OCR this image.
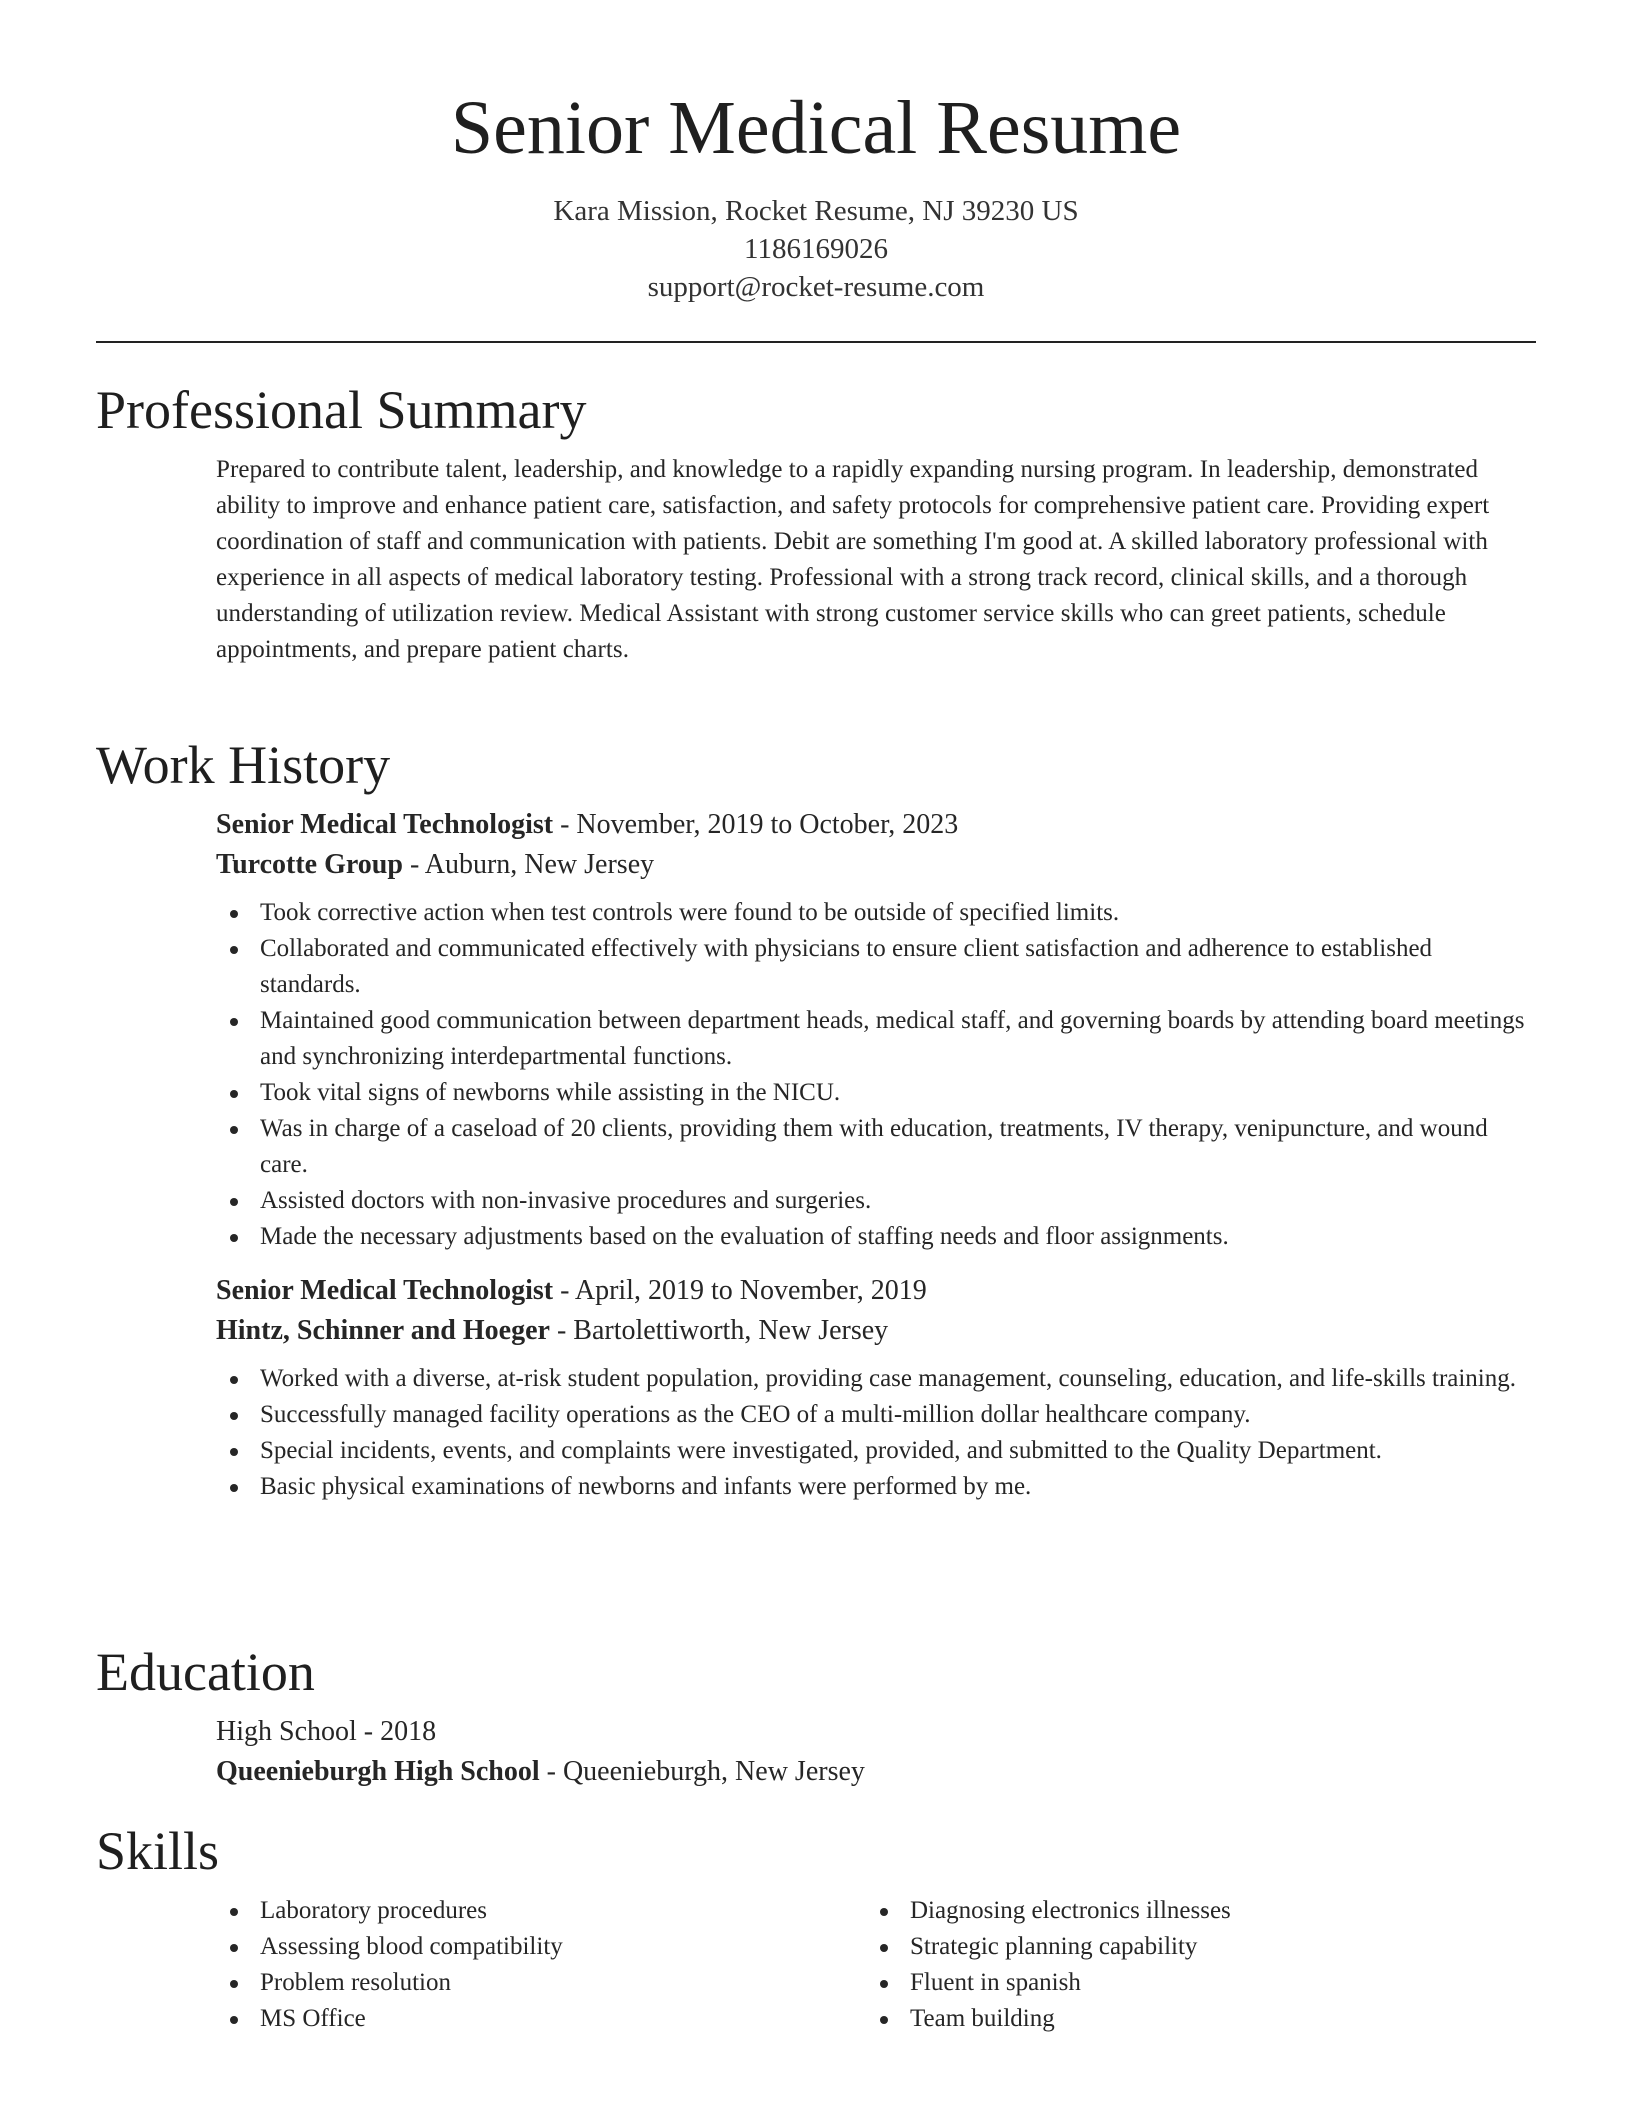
Senior Medical Resume
Kara Mission, Rocket Resume, NJ 39230 US
1186169026
support@rocket-resume.com
Professional Summary

Prepared to contribute talent, leadership, and knowledge to a rapidly expanding nursing program. In leadership, demonstrated ability to improve and enhance patient care, satisfaction, and safety protocols for comprehensive patient care. Providing expert coordination of staff and communication with patients. Debit are something I'm good at. A skilled laboratory professional with experience in all aspects of medical laboratory testing. Professional with a strong track record, clinical skills, and a thorough understanding of utilization review. Medical Assistant with strong customer service skills who can greet patients, schedule appointments, and prepare patient charts.

Work History
Senior Medical Technologist - November, 2019 to October, 2023
Turcotte Group - Auburn, New Jersey
Took corrective action when test controls were found to be outside of specified limits.
Collaborated and communicated effectively with physicians to ensure client satisfaction and adherence to established standards.
Maintained good communication between department heads, medical staff, and governing boards by attending board meetings and synchronizing interdepartmental functions.
Took vital signs of newborns while assisting in the NICU.
Was in charge of a caseload of 20 clients, providing them with education, treatments, IV therapy, venipuncture, and wound care.
Assisted doctors with non-invasive procedures and surgeries.
Made the necessary adjustments based on the evaluation of staffing needs and floor assignments.
Senior Medical Technologist - April, 2019 to November, 2019
Hintz, Schinner and Hoeger - Bartolettiworth, New Jersey
Worked with a diverse, at-risk student population, providing case management, counseling, education, and life-skills training.
Successfully managed facility operations as the CEO of a multi-million dollar healthcare company.
Special incidents, events, and complaints were investigated, provided, and submitted to the Quality Department.
Basic physical examinations of newborns and infants were performed by me.
Education
High School - 2018
Queenieburgh High School - Queenieburgh, New Jersey
Skills
Laboratory procedures
Assessing blood compatibility
Problem resolution
MS Office
Diagnosing electronics illnesses
Strategic planning capability
Fluent in spanish
Team building
